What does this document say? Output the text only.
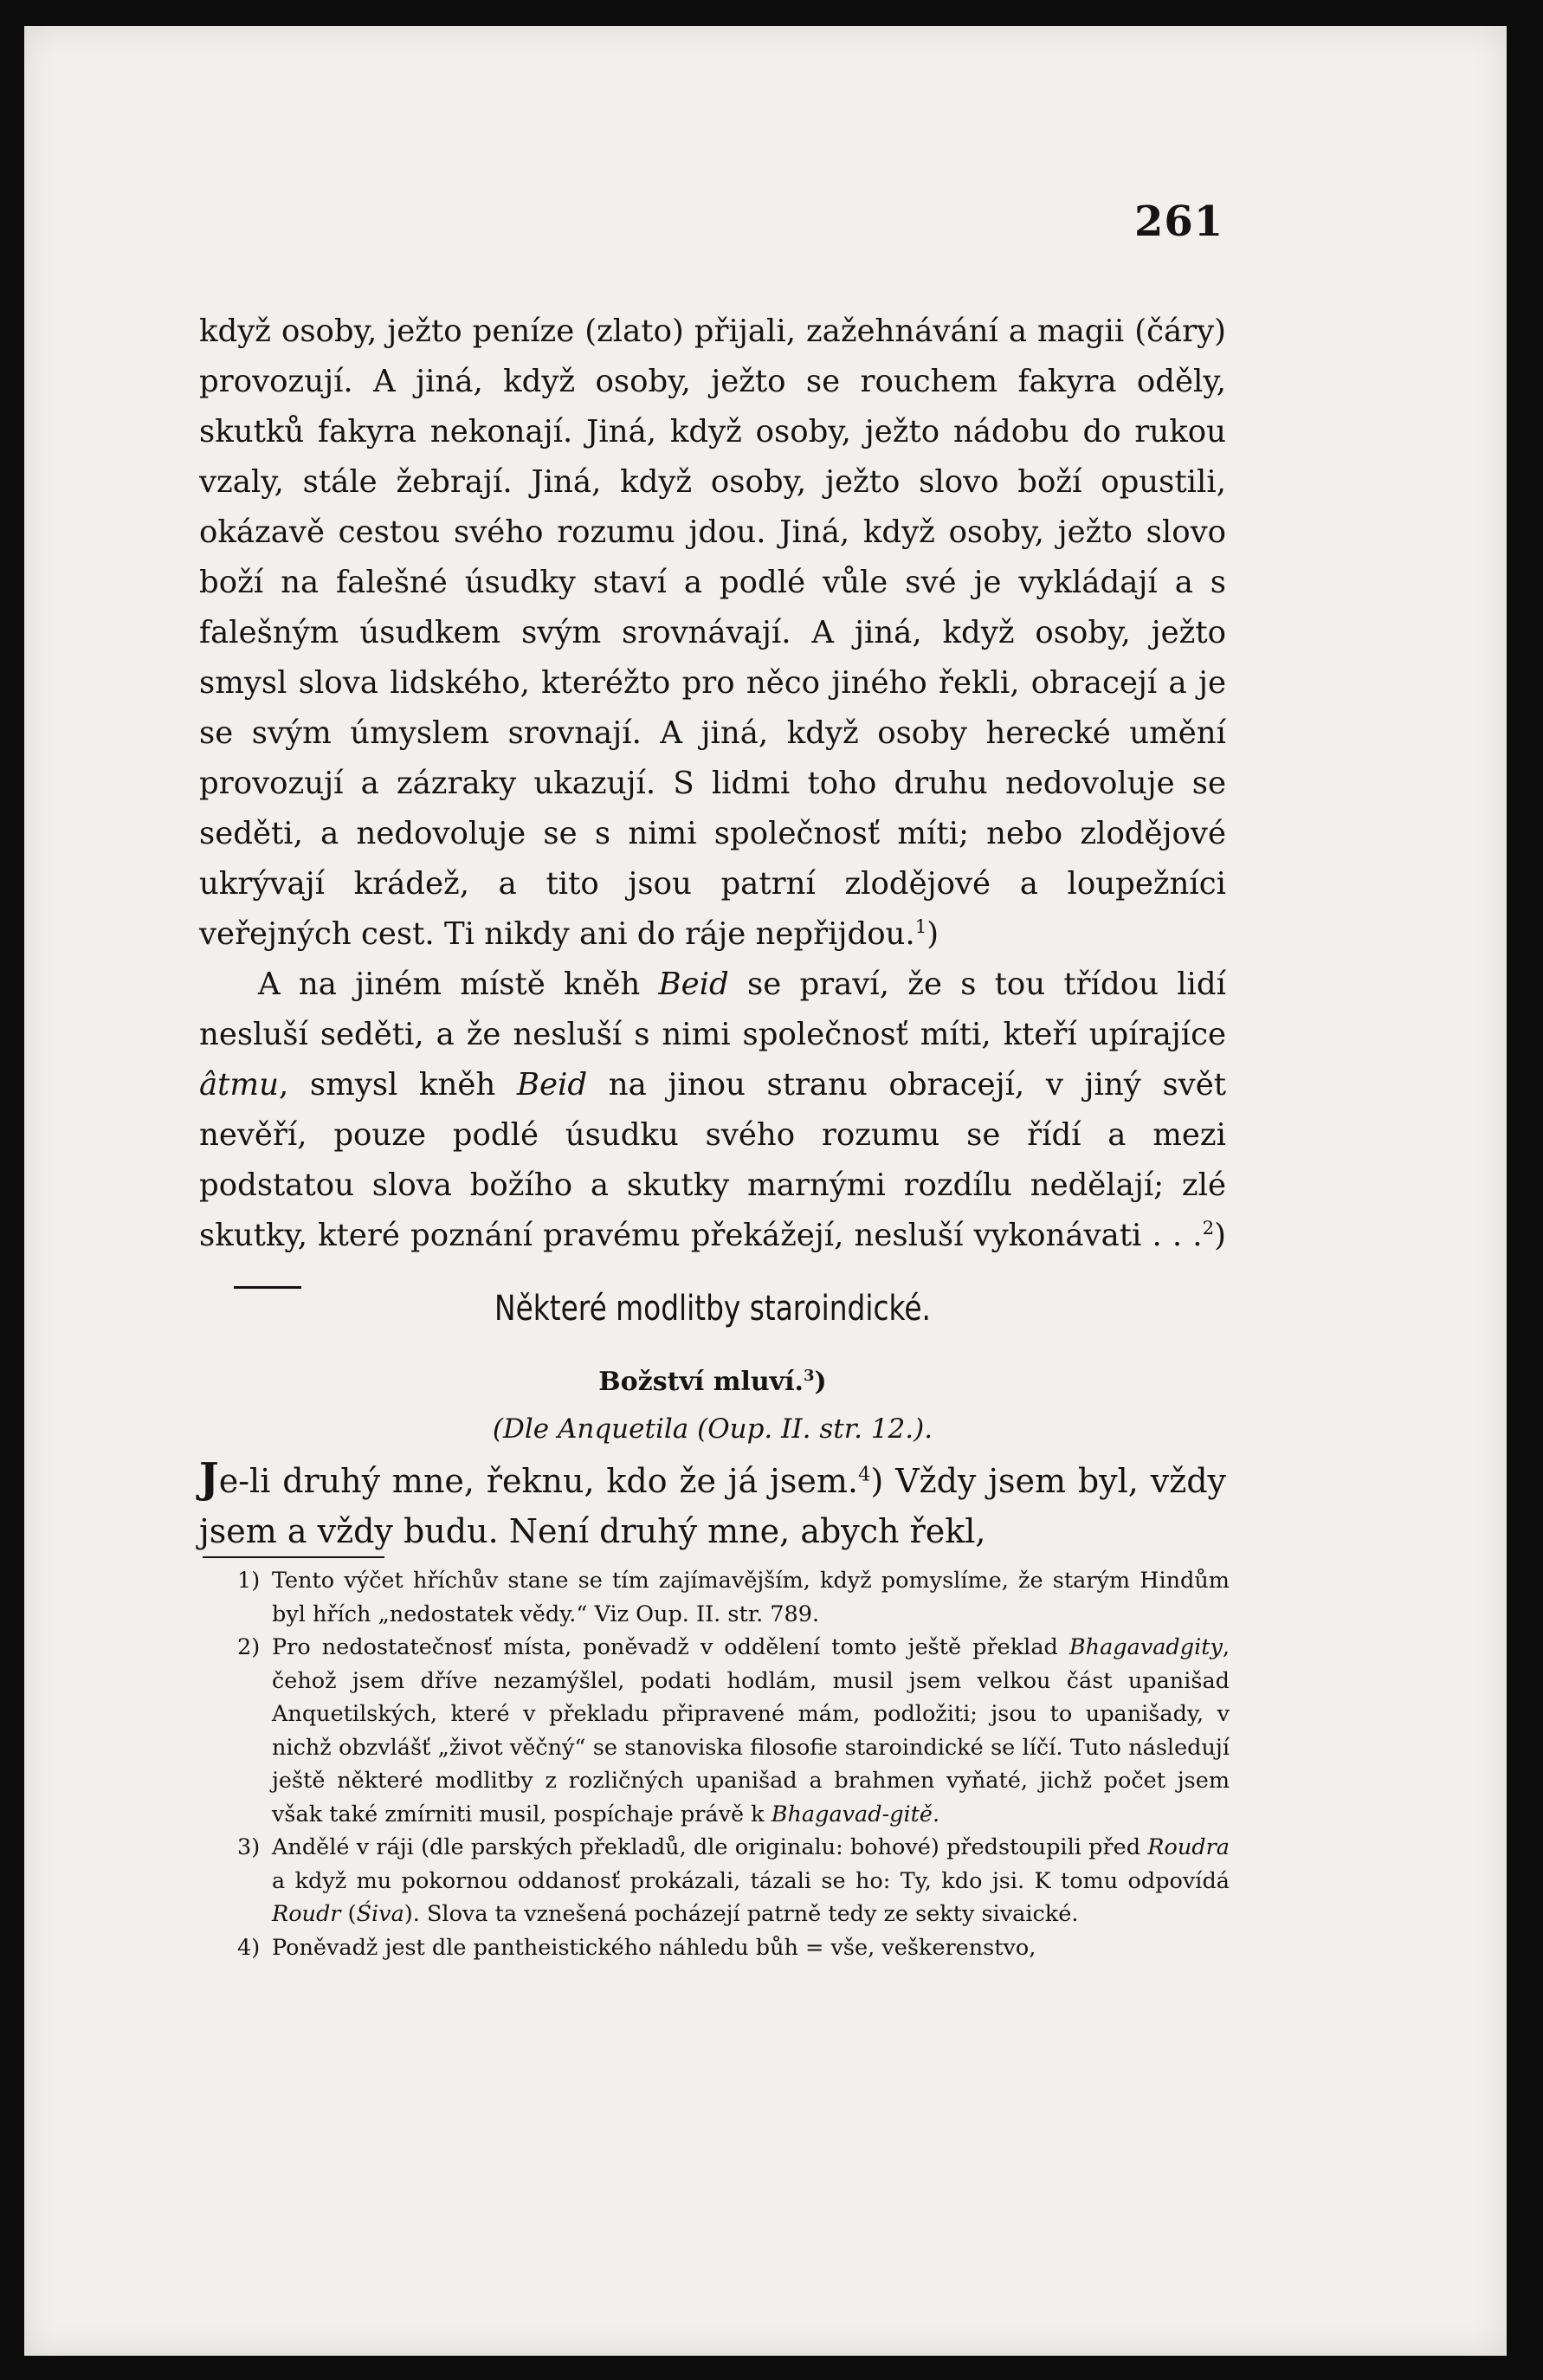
261

když osoby, ježto peníze (zlato) přijali, zažehnávání a magii (čáry) provozují. A jiná, když osoby, ježto se rouchem fakyra oděly, skutků fakyra nekonají. Jiná, když osoby, ježto nádobu do rukou vzaly, stále žebrají. Jiná, když osoby, ježto slovo boží opustili, okázavě cestou svého rozumu jdou. Jiná, když osoby, ježto slovo boží na falešné úsudky staví a podlé vůle své je vykládají a s falešným úsudkem svým srovnávají. A jiná, když osoby, ježto smysl slova lidského, kteréžto pro něco jiného řekli, obracejí a je se svým úmyslem srovnají. A jiná, když osoby herecké umění provozují a zázraky ukazují. S lidmi toho druhu nedovoluje se seděti, a nedovoluje se s nimi společnosť míti; nebo zlodějové ukrývají krádež, a tito jsou patrní zlodějové a loupežníci veřejných cest. Ti nikdy ani do ráje nepřijdou.$^1$)

A na jiném místě kněh Beid se praví, že s tou třídou lidí nesluší seděti, a že nesluší s nimi společnosť míti, kteří upírajíce âtmu, smysl kněh Beid na jinou stranu obracejí, v jiný svět nevěří, pouze podlé úsudku svého rozumu se řídí a mezi podstatou slova božího a skutky marnými rozdílu nedělají; zlé skutky, které poznání pravému překážejí, nesluší vykonávati . . .$^2$)

Některé modlitby staroindické.
Božství mluví.$^3$)
(Dle Anquetila (Oup. II. str. 12.).

Je-li druhý mne, řeknu, kdo že já jsem.$^4$) Vždy jsem byl, vždy jsem a vždy budu. Není druhý mne, abych řekl,

1) Tento výčet hříchův stane se tím zajímavějším, když pomyslíme, že starým Hindům byl hřích „nedostatek vědy.“ Viz Oup. II. str. 789.

2) Pro nedostatečnosť místa, poněvadž v oddělení tomto ještě překlad Bhagavadgity, čehož jsem dříve nezamýšlel, podati hodlám, musil jsem velkou část upanišad Anquetilských, které v překladu připravené mám, podložiti; jsou to upanišady, v nichž obzvlášť „život věčný“ se stanoviska filosofie staroindické se líčí. Tuto následují ještě některé modlitby z rozličných upanišad a brahmen vyňaté, jichž počet jsem však také zmírniti musil, pospíchaje právě k Bhagavad-gitě.

3) Andělé v ráji (dle parských překladů, dle originalu: bohové) předstoupili před Roudra a když mu pokornou oddanosť prokázali, tázali se ho: Ty, kdo jsi. K tomu odpovídá Roudr (Śiva). Slova ta vznešená pocházejí patrně tedy ze sekty sivaické.

4) Poněvadž jest dle pantheistického náhledu bůh = vše, veškerenstvo,
